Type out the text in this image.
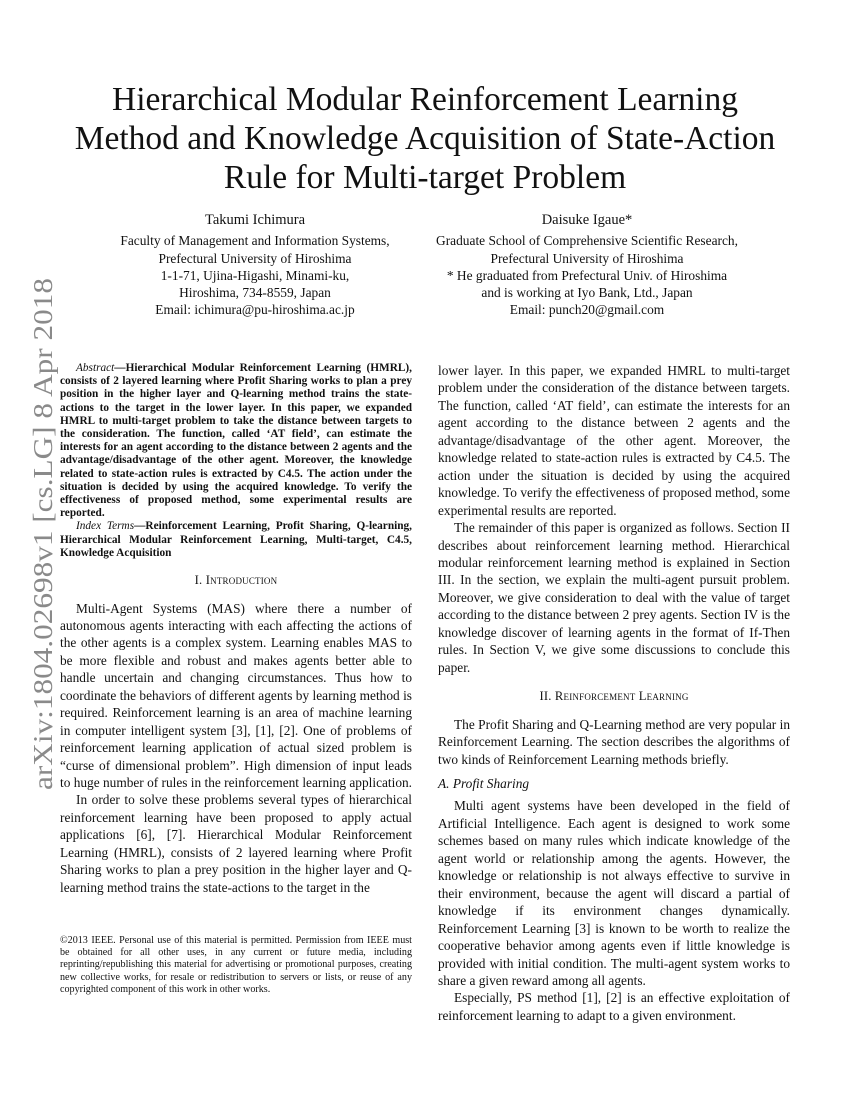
arXiv:1804.02698v1 [cs.LG] 8 Apr 2018
Hierarchical Modular Reinforcement Learning
Method and Knowledge Acquisition of State-Action
Rule for Multi-target Problem
Takumi Ichimura
Faculty of Management and Information Systems,
Prefectural University of Hiroshima
1-1-71, Ujina-Higashi, Minami-ku,
Hiroshima, 734-8559, Japan
Email: ichimura@pu-hiroshima.ac.jp
Daisuke Igaue*
Graduate School of Comprehensive Scientific Research,
Prefectural University of Hiroshima
* He graduated from Prefectural Univ. of Hiroshima
and is working at Iyo Bank, Ltd., Japan
Email: punch20@gmail.com

Abstract—Hierarchical Modular Reinforcement Learning (HMRL), consists of 2 layered learning where Profit Sharing works to plan a prey position in the higher layer and Q-learning method trains the state-actions to the target in the lower layer. In this paper, we expanded HMRL to multi-target problem to take the distance between targets to the consideration. The function, called ‘AT field’, can estimate the interests for an agent according to the distance between 2 agents and the advantage/disadvantage of the other agent. Moreover, the knowledge related to state-action rules is extracted by C4.5. The action under the situation is decided by using the acquired knowledge. To verify the effectiveness of proposed method, some experimental results are reported.

Index Terms—Reinforcement Learning, Profit Sharing, Q-learning, Hierarchical Modular Reinforcement Learning, Multi-target, C4.5, Knowledge Acquisition

I. Introduction

Multi-Agent Systems (MAS) where there a number of autonomous agents interacting with each affecting the actions of the other agents is a complex system. Learning enables MAS to be more flexible and robust and makes agents better able to handle uncertain and changing circumstances. Thus how to coordinate the behaviors of different agents by learning method is required. Reinforcement learning is an area of machine learning in computer intelligent system [3], [1], [2]. One of problems of reinforcement learning application of actual sized problem is “curse of dimensional problem”. High dimension of input leads to huge number of rules in the reinforcement learning application.

In order to solve these problems several types of hierarchical reinforcement learning have been proposed to apply actual applications [6], [7]. Hierarchical Modular Reinforcement Learning (HMRL), consists of 2 layered learning where Profit Sharing works to plan a prey position in the higher layer and Q-learning method trains the state-actions to the target in the

©2013 IEEE. Personal use of this material is permitted. Permission from IEEE must be obtained for all other uses, in any current or future media, including reprinting/republishing this material for advertising or promotional purposes, creating new collective works, for resale or redistribution to servers or lists, or reuse of any copyrighted component of this work in other works.

lower layer. In this paper, we expanded HMRL to multi-target problem under the consideration of the distance between targets. The function, called ‘AT field’, can estimate the interests for an agent according to the distance between 2 agents and the advantage/disadvantage of the other agent. Moreover, the knowledge related to state-action rules is extracted by C4.5. The action under the situation is decided by using the acquired knowledge. To verify the effectiveness of proposed method, some experimental results are reported.

The remainder of this paper is organized as follows. Section II describes about reinforcement learning method. Hierarchical modular reinforcement learning method is explained in Section III. In the section, we explain the multi-agent pursuit problem. Moreover, we give consideration to deal with the value of target according to the distance between 2 prey agents. Section IV is the knowledge discover of learning agents in the format of If-Then rules. In Section V, we give some discussions to conclude this paper.

II. Reinforcement Learning

The Profit Sharing and Q-Learning method are very popular in Reinforcement Learning. The section describes the algorithms of two kinds of Reinforcement Learning methods briefly.

A. Profit Sharing

Multi agent systems have been developed in the field of Artificial Intelligence. Each agent is designed to work some schemes based on many rules which indicate knowledge of the agent world or relationship among the agents. However, the knowledge or relationship is not always effective to survive in their environment, because the agent will discard a partial of knowledge if its environment changes dynamically. Reinforcement Learning [3] is known to be worth to realize the cooperative behavior among agents even if little knowledge is provided with initial condition. The multi-agent system works to share a given reward among all agents.

Especially, PS method [1], [2] is an effective exploitation of reinforcement learning to adapt to a given environment.
